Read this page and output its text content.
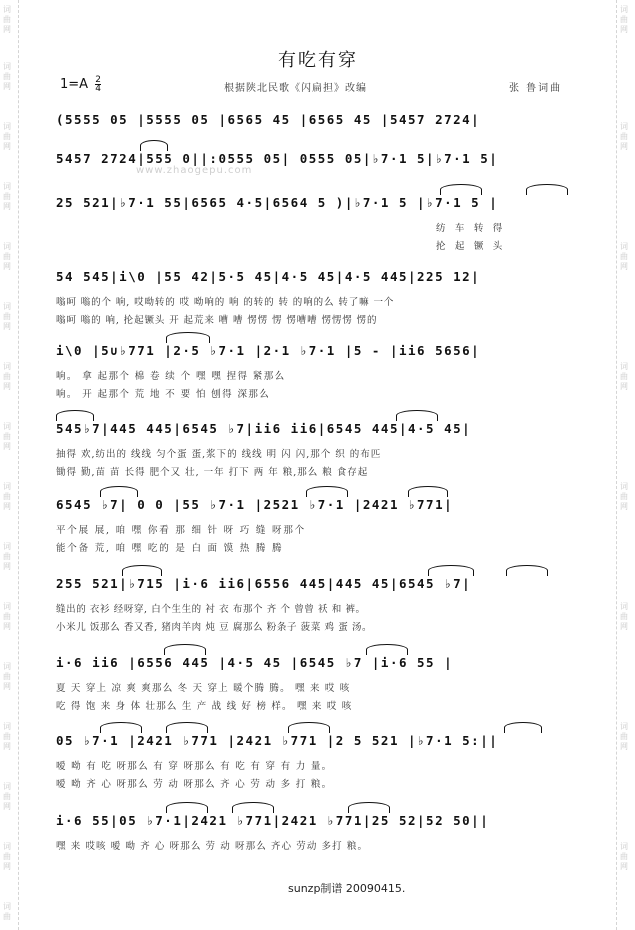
词
曲
网
词
曲
网
词
曲
网
词
曲
网
词
曲
网
词
曲
网
词
曲
网
词
曲
网
词
曲
网
词
曲
网
词
曲
网
词
曲
网
词
曲
网
词
曲
网
词
曲
网
词
曲
词
曲
网
词
曲
网
词
曲
网
词
曲
网
词
曲
网
词
曲
网
词
曲
网
词
曲
网
有吃有穿
$1=A \frac{2}{4}$	根据陕北民歌《闪扁担》改编	张 鲁词曲
www.zhaogepu.com
(5555 05 |5555 05 |6565 45 |6565 45 |5457 2724|
5457 2724|555 0||:0555 05| 0555 05|♭7·1 5|♭7·1 5|
25 521|♭7·1 55|6565 4·5|6564 5 )|♭7·1 5 |♭7·1 5 |
纺 车 转 得
抡 起 镢 头
54 545|i\0 |55 42|5·5 45|4·5 45|4·5 445|225 12|
嗡呵 嗡的个 响, 哎呦转的 哎 呦响的 响 的转的 转 的响的么 转了嘛 一个
嗡呵 嗡的 响, 抡起镢头 开 起荒来 嘈 嘈 愣愣 愣 愣嘈嘈 愣愣愣 愣的
i\0 |5∪♭771 |2·5 ♭7·1 |2·1 ♭7·1 |5 - |ii6 5656|
响。 拿 起那个 棉 卷 续 个 嘿 嘿 捏得 紧那么
响。 开 起那个 荒 地 不 要 怕 刨得 深那么
545♭7|445 445|6545 ♭7|ii6 ii6|6545 445|4·5 45|
抽得 欢,纺出的 线线 匀个蛋 蛋,浆下的 线线 明 闪 闪,那个 织 的布匹
锄得 勤,苗 苗 长得 肥个又 壮, 一年 打下 两 年 粮,那么 粮 食存起
6545 ♭7| 0 0 |55 ♭7·1 |2521 ♭7·1 |2421 ♭771|
平个展 展, 咱 嘿 你看 那 细 针 呀 巧 缝 呀那个
能个备 荒, 咱 嘿 吃的 是 白 面 馍 热 腾 腾
255 521|♭715 |i·6 ii6|6556 445|445 45|6545 ♭7|
缝出的 衣衫 经呀穿, 白个生生的 衬 衣 布那个 齐 个 曾曾 袄 和 裤。
小米儿 饭那么 香又香, 猪肉羊肉 炖 豆 腐那么 粉条子 菠菜 鸡 蛋 汤。
i·6 ii6 |6556 445 |4·5 45 |6545 ♭7 |i·6 55 |
夏 天 穿上 凉 爽 爽那么 冬 天 穿上 暖个腾 腾。 嘿 来 哎 咳
吃 得 饱 来 身 体 壮那么 生 产 战 线 好 榜 样。 嘿 来 哎 咳
05 ♭7·1 |2421 ♭771 |2421 ♭771 |2 5 521 |♭7·1 5:||
嗳 呦 有 吃 呀那么 有 穿 呀那么 有 吃 有 穿 有 力 量。
嗳 呦 齐 心 呀那么 劳 动 呀那么 齐 心 劳 动 多 打 粮。
i·6 55|05 ♭7·1|2421 ♭771|2421 ♭771|25 52|52 50||
嘿 来 哎咳 嗳 呦 齐 心 呀那么 劳 动 呀那么 齐心 劳动 多打 粮。
sunzp制谱 20090415.
